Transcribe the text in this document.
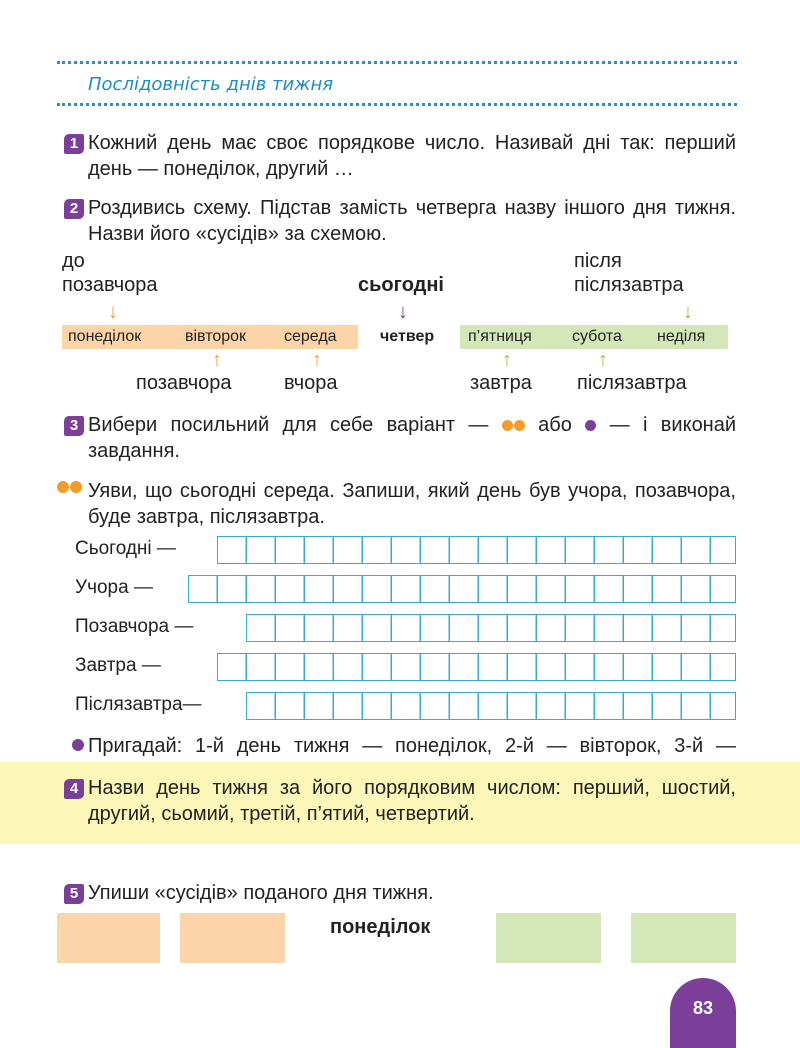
Послідовність днів тижня
1 Кожний день має своє порядкове число. Називай дні так: перший день — понеділок, другий …
2 Роздивись схему. Підстав замість четверга назву іншого дня тижня. Назви його «сусідів» за схемою.
до
позавчора	сьогодні
після
післязавтра
↓	↓	↓
понеділок	вівторок середа	четвер п’ятниця	субота неділя
↑	↑	↑	↑
позавчора	вчора	завтра післязавтра
3 Вибери посильний для себе варіант — або — і виконай завдання.
Уяви, що сьогодні середа. Запиши, який день був учора, позавчора, буде завтра, післязавтра.
Сьогодні —
Учора —
Позавчора —
Завтра —
Післязавтра—
Пригадай: 1-й день тижня — понеділок, 2-й — вівторок, 3-й —
4 Назви день тижня за його порядковим числом: перший, шостий, другий, сьомий, третій, п’ятий, четвертий.
5 Упиши «сусідів» поданого дня тижня.
понеділок
83
